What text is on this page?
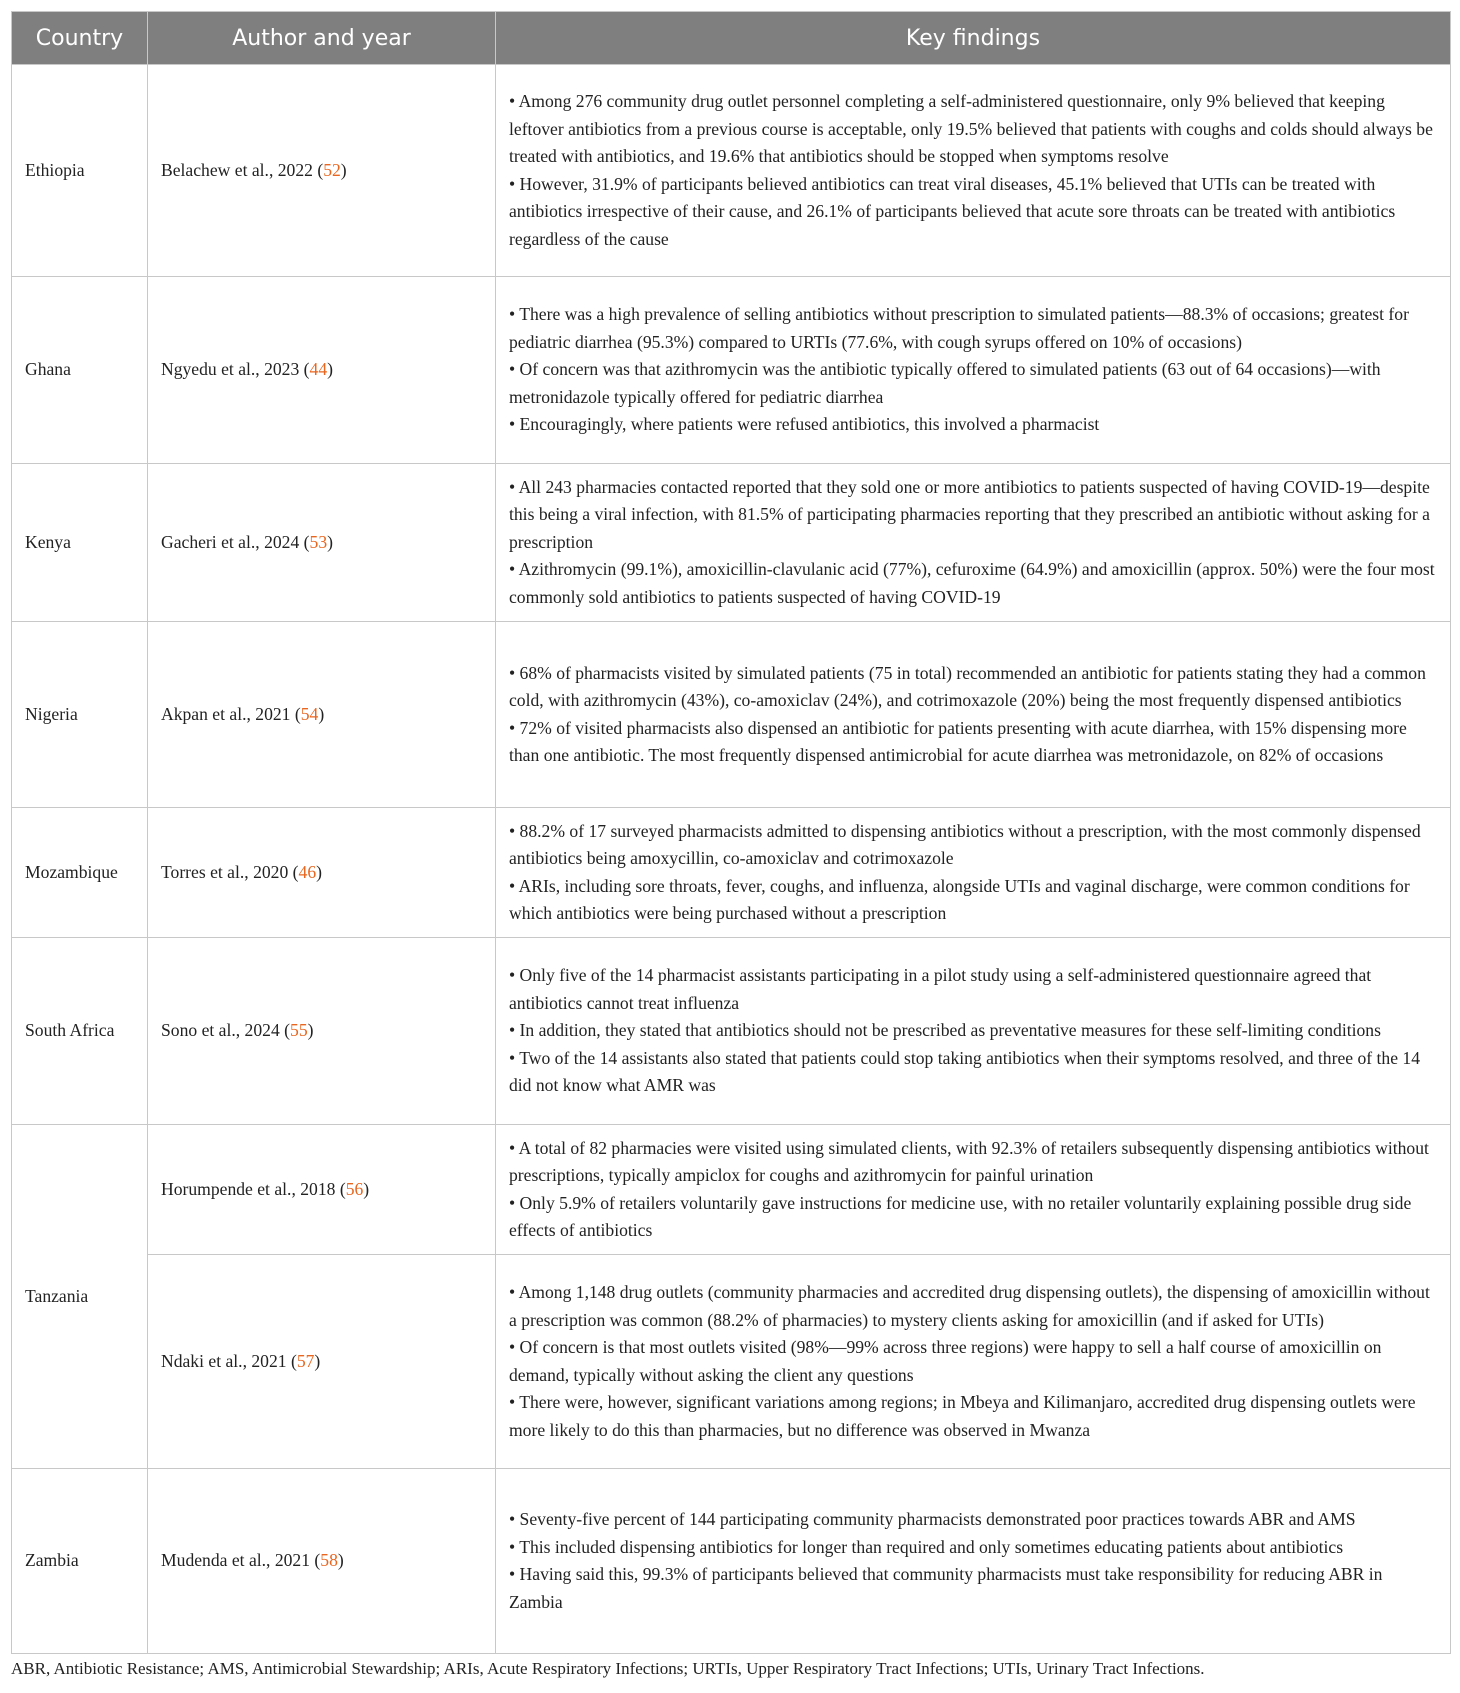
Country	Author and year	Key findings
Ethiopia	Belachew et al., 2022 (52)	• Among 276 community drug outlet personnel completing a self-administered questionnaire, only 9% believed that keeping leftover antibiotics from a previous course is acceptable, only 19.5% believed that patients with coughs and colds should always be treated with antibiotics, and 19.6% that antibiotics should be stopped when symptoms resolve
• However, 31.9% of participants believed antibiotics can treat viral diseases, 45.1% believed that UTIs can be treated with antibiotics irrespective of their cause, and 26.1% of participants believed that acute sore throats can be treated with antibiotics regardless of the cause

Ghana	Ngyedu et al., 2023 (44)	• There was a high prevalence of selling antibiotics without prescription to simulated patients—88.3% of occasions; greatest for pediatric diarrhea (95.3%) compared to URTIs (77.6%, with cough syrups offered on 10% of occasions)
• Of concern was that azithromycin was the antibiotic typically offered to simulated patients (63 out of 64 occasions)—with metronidazole typically offered for pediatric diarrhea
• Encouragingly, where patients were refused antibiotics, this involved a pharmacist

Kenya	Gacheri et al., 2024 (53)	• All 243 pharmacies contacted reported that they sold one or more antibiotics to patients suspected of having COVID-19—despite this being a viral infection, with 81.5% of participating pharmacies reporting that they prescribed an antibiotic without asking for a prescription
• Azithromycin (99.1%), amoxicillin-clavulanic acid (77%), cefuroxime (64.9%) and amoxicillin (approx. 50%) were the four most commonly sold antibiotics to patients suspected of having COVID-19

Nigeria	Akpan et al., 2021 (54)	• 68% of pharmacists visited by simulated patients (75 in total) recommended an antibiotic for patients stating they had a common cold, with azithromycin (43%), co-amoxiclav (24%), and cotrimoxazole (20%) being the most frequently dispensed antibiotics
• 72% of visited pharmacists also dispensed an antibiotic for patients presenting with acute diarrhea, with 15% dispensing more than one antibiotic. The most frequently dispensed antimicrobial for acute diarrhea was metronidazole, on 82% of occasions

Mozambique	Torres et al., 2020 (46)	• 88.2% of 17 surveyed pharmacists admitted to dispensing antibiotics without a prescription, with the most commonly dispensed antibiotics being amoxycillin, co-amoxiclav and cotrimoxazole
• ARIs, including sore throats, fever, coughs, and influenza, alongside UTIs and vaginal discharge, were common conditions for which antibiotics were being purchased without a prescription

South Africa	Sono et al., 2024 (55)	• Only five of the 14 pharmacist assistants participating in a pilot study using a self-administered questionnaire agreed that antibiotics cannot treat influenza
• In addition, they stated that antibiotics should not be prescribed as preventative measures for these self-limiting conditions
• Two of the 14 assistants also stated that patients could stop taking antibiotics when their symptoms resolved, and three of the 14 did not know what AMR was

Tanzania	Horumpende et al., 2018 (56)	• A total of 82 pharmacies were visited using simulated clients, with 92.3% of retailers subsequently dispensing antibiotics without prescriptions, typically ampiclox for coughs and azithromycin for painful urination
• Only 5.9% of retailers voluntarily gave instructions for medicine use, with no retailer voluntarily explaining possible drug side effects of antibiotics

	Ndaki et al., 2021 (57)	• Among 1,148 drug outlets (community pharmacies and accredited drug dispensing outlets), the dispensing of amoxicillin without a prescription was common (88.2% of pharmacies) to mystery clients asking for amoxicillin (and if asked for UTIs)
• Of concern is that most outlets visited (98%—99% across three regions) were happy to sell a half course of amoxicillin on demand, typically without asking the client any questions
• There were, however, significant variations among regions; in Mbeya and Kilimanjaro, accredited drug dispensing outlets were more likely to do this than pharmacies, but no difference was observed in Mwanza

Zambia	Mudenda et al., 2021 (58)	• Seventy-five percent of 144 participating community pharmacists demonstrated poor practices towards ABR and AMS
• This included dispensing antibiotics for longer than required and only sometimes educating patients about antibiotics
• Having said this, 99.3% of participants believed that community pharmacists must take responsibility for reducing ABR in Zambia
ABR, Antibiotic Resistance; AMS, Antimicrobial Stewardship; ARIs, Acute Respiratory Infections; URTIs, Upper Respiratory Tract Infections; UTIs, Urinary Tract Infections.
